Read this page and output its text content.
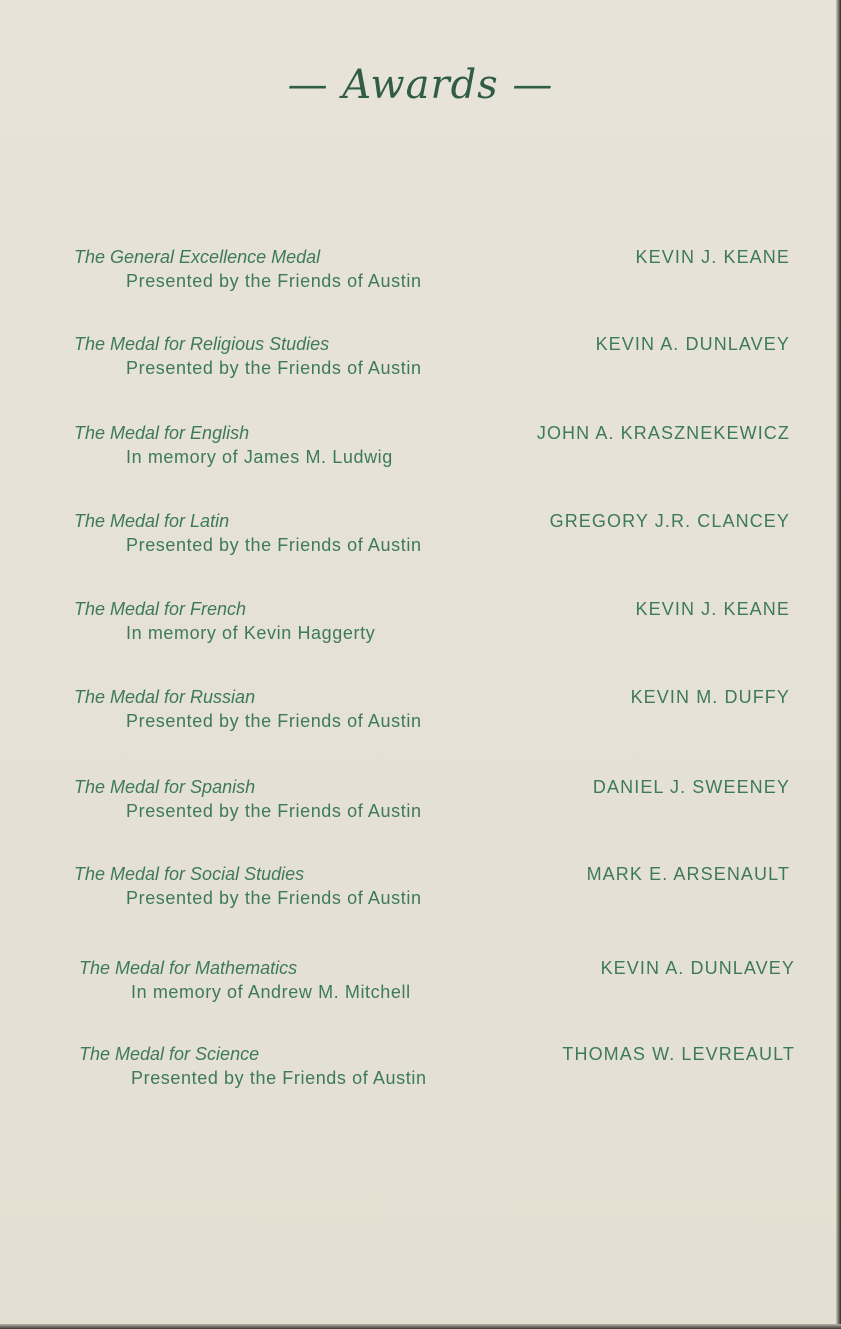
— Awards —
The General Excellence Medal
Presented by the Friends of Austin
KEVIN J. KEANE
The Medal for Religious Studies
Presented by the Friends of Austin
KEVIN A. DUNLAVEY
The Medal for English
In memory of James M. Ludwig
JOHN A. KRASZNEKEWICZ
The Medal for Latin
Presented by the Friends of Austin
GREGORY J.R. CLANCEY
The Medal for French
In memory of Kevin Haggerty
KEVIN J. KEANE
The Medal for Russian
Presented by the Friends of Austin
KEVIN M. DUFFY
The Medal for Spanish
Presented by the Friends of Austin
DANIEL J. SWEENEY
The Medal for Social Studies
Presented by the Friends of Austin
MARK E. ARSENAULT
The Medal for Mathematics
In memory of Andrew M. Mitchell
KEVIN A. DUNLAVEY
The Medal for Science
Presented by the Friends of Austin
THOMAS W. LEVREAULT
